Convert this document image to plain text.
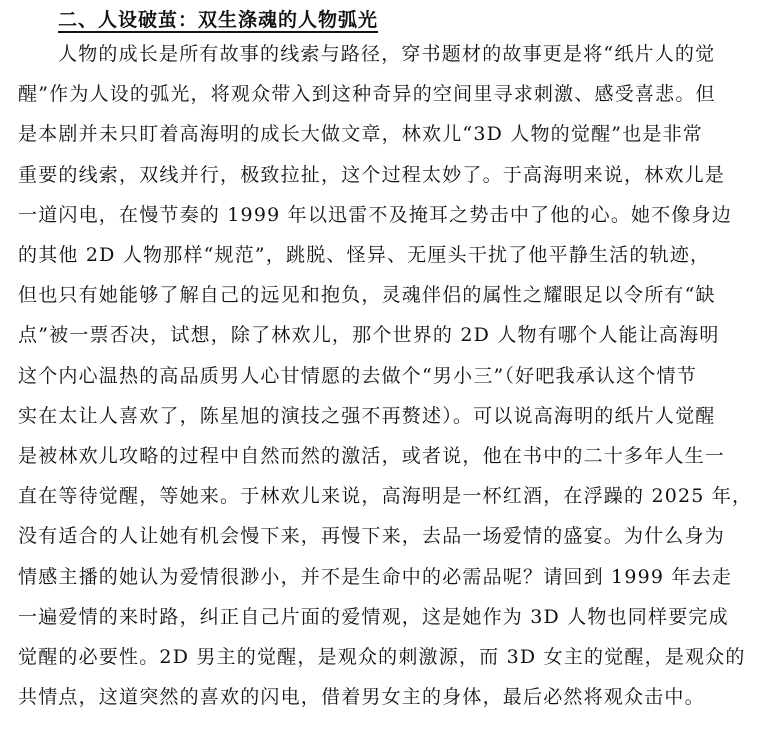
二、人设破茧：双生涤魂的人物弧光
人物的成长是所有故事的线索与路径，穿书题材的故事更是将“纸片人的觉
醒”作为人设的弧光，将观众带入到这种奇异的空间里寻求刺激、感受喜悲。但
是本剧并未只盯着高海明的成长大做文章，林欢儿“3D 人物的觉醒”也是非常
重要的线索，双线并行，极致拉扯，这个过程太妙了。于高海明来说，林欢儿是
一道闪电，在慢节奏的 1999 年以迅雷不及掩耳之势击中了他的心。她不像身边
的其他 2D 人物那样“规范”，跳脱、怪异、无厘头干扰了他平静生活的轨迹，
但也只有她能够了解自己的远见和抱负，灵魂伴侣的属性之耀眼足以令所有“缺
点”被一票否决，试想，除了林欢儿，那个世界的 2D 人物有哪个人能让高海明
这个内心温热的高品质男人心甘情愿的去做个“男小三”（好吧我承认这个情节
实在太让人喜欢了，陈星旭的演技之强不再赘述）。可以说高海明的纸片人觉醒
是被林欢儿攻略的过程中自然而然的激活，或者说，他在书中的二十多年人生一
直在等待觉醒，等她来。于林欢儿来说，高海明是一杯红酒，在浮躁的 2025 年，
没有适合的人让她有机会慢下来，再慢下来，去品一场爱情的盛宴。为什么身为
情感主播的她认为爱情很渺小，并不是生命中的必需品呢？请回到 1999 年去走
一遍爱情的来时路，纠正自己片面的爱情观，这是她作为 3D 人物也同样要完成
觉醒的必要性。2D 男主的觉醒，是观众的刺激源，而 3D 女主的觉醒，是观众的
共情点，这道突然的喜欢的闪电，借着男女主的身体，最后必然将观众击中。
